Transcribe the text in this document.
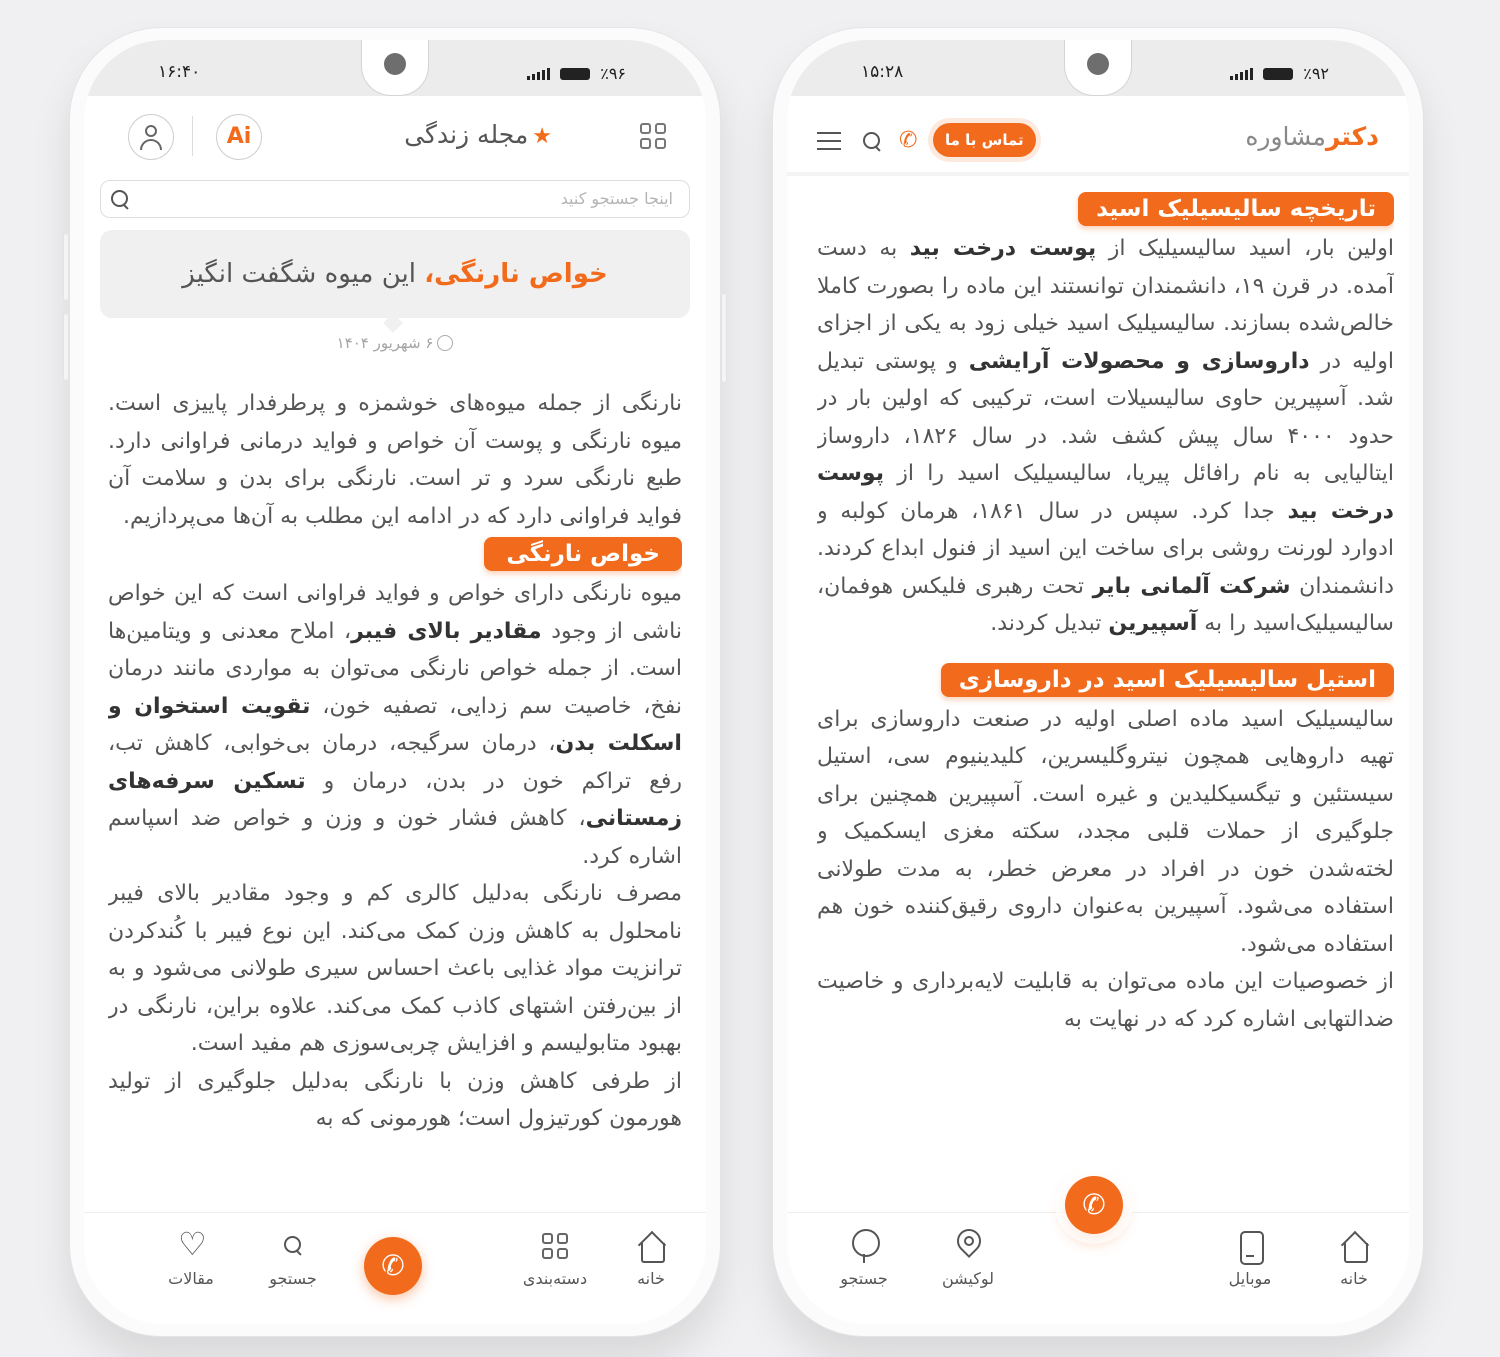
۱۶:۴۰	٪۹۶
★مجله زندگی
Ai
اینجا جستجو کنید
خواص نارنگی، این میوه شگفت انگیز
۶ شهریور ۱۴۰۴

نارنگی از جمله میوه‌های خوشمزه و پرطرفدار پاییزی است. میوه نارنگی و پوست آن خواص و فواید درمانی فراوانی دارد. طبع نارنگی سرد و تر است. نارنگی برای بدن و سلامت آن فواید فراوانی دارد که در ادامه این مطلب به آن‌ها می‌پردازیم.

خواص نارنگی

میوه نارنگی دارای خواص و فواید فراوانی است که این خواص ناشی از وجود مقادیر بالای فیبر، املاح معدنی و ویتامین‌ها است. از جمله خواص نارنگی می‌توان به مواردی مانند درمان نفخ، خاصیت سم زدایی، تصفیه خون، تقویت استخوان و اسکلت بدن، درمان سرگیجه، درمان بی‌خوابی، کاهش تب، رفع تراکم خون در بدن، درمان و تسکین سرفه‌های زمستانی، کاهش فشار خون و وزن و خواص ضد اسپاسم اشاره کرد.

مصرف نارنگی به‌دلیل کالری کم و وجود مقادیر بالای فیبر نامحلول به کاهش وزن کمک می‌کند. این نوع فیبر با کُندکردن ترانزیت مواد غذایی باعث احساس سیری طولانی می‌شود و به از بین‌رفتن اشتهای کاذب کمک می‌کند. علاوه براین، نارنگی در بهبود متابولیسم و افزایش چربی‌سوزی هم مفید است.

از طرفی کاهش وزن با نارنگی به‌دلیل جلوگیری از تولید هورمون کورتیزول است؛ هورمونی که به

خانه
دسته‌بندی
✆
جستجو
♡
مقالات
۱۵:۲۸	٪۹۲
دکترمشاوره
تماس با ما
✆
تاریخچه سالیسیلیک اسید

اولین بار، اسید سالیسیلیک از پوست درخت بید به دست آمده. در قرن ۱۹، دانشمندان توانستند این ماده را بصورت کاملا خالص‌شده بسازند. سالیسیلیک اسید خیلی زود به یکی از اجزای اولیه در داروسازی و محصولات آرایشی و پوستی تبدیل شد. آسپیرین حاوی سالیسیلات است، ترکیبی که اولین بار در حدود ۴۰۰۰ سال پیش کشف شد. در سال ۱۸۲۶، داروساز ایتالیایی به نام رافائل پیریا، سالیسیلیک اسید را از پوست درخت بید جدا کرد. سپس در سال ۱۸۶۱، هرمان کولبه و ادوارد لورنت روشی برای ساخت این اسید از فنول ابداع کردند. دانشمندان شرکت آلمانی بایر تحت رهبری فلیکس هوفمان، سالیسیلیک‌اسید را به آسپیرین تبدیل کردند.

استیل سالیسیلیک اسید در داروسازی

سالیسیلیک اسید ماده اصلی اولیه در صنعت داروسازی برای تهیه داروهایی همچون نیتروگلیسرین، کلیدینیوم سی، استیل سیستئین و تیگسیکلیدین و غیره است. آسپیرین همچنین برای جلوگیری از حملات قلبی مجدد، سکته مغزی ایسکمیک و لخته‌شدن خون در افراد در معرض خطر، به مدت طولانی استفاده می‌شود. آسپیرین به‌عنوان داروی رقیق‌کننده خون هم استفاده می‌شود.

از خصوصیات این ماده می‌توان به قابلیت لایه‌برداری و خاصیت ضدالتهابی اشاره کرد که در نهایت به

خانه
موبایل
لوکیشن
جستجو
✆
